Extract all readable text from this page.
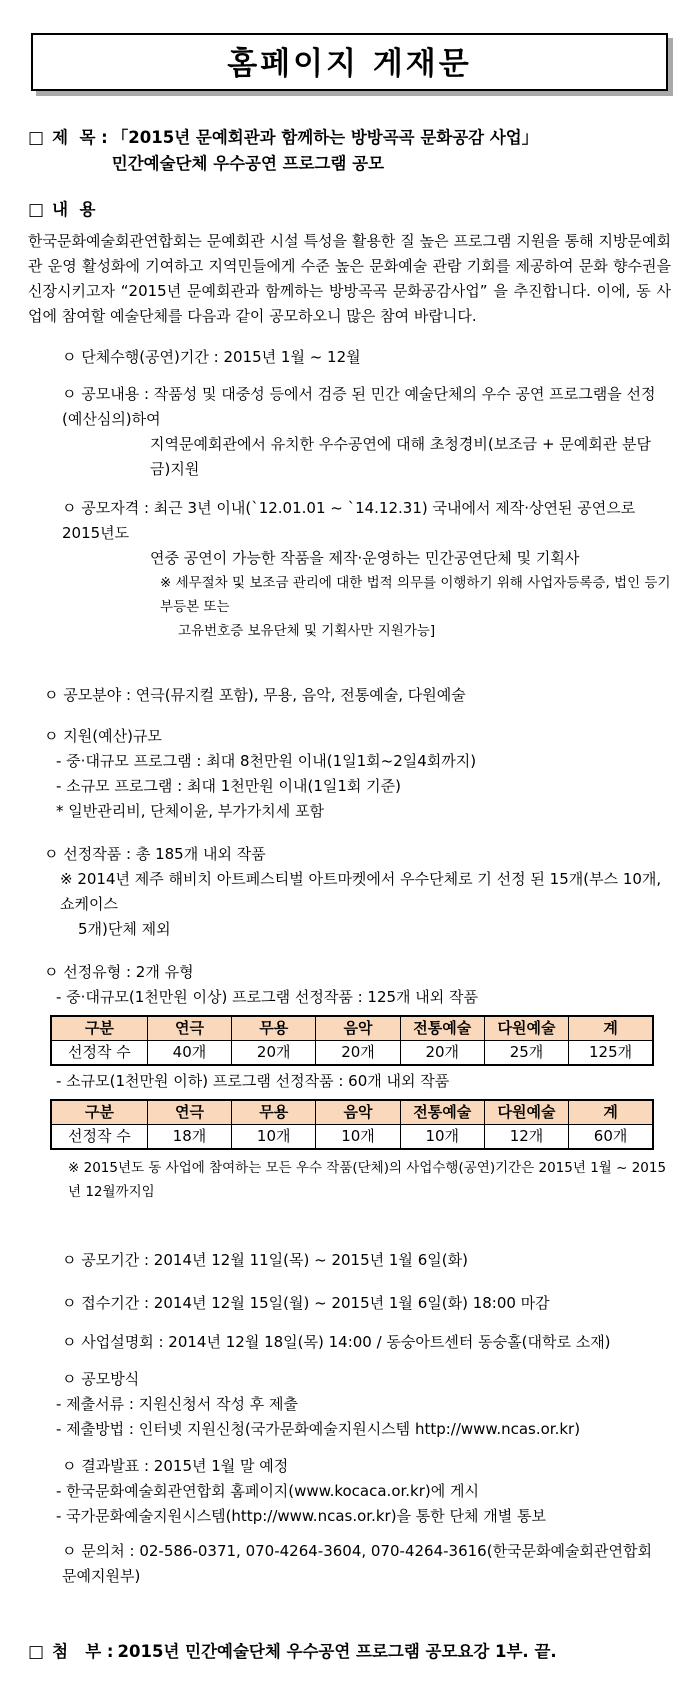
홈페이지 게재문
□ 제  목 : 「2015년 문예회관과 함께하는 방방곡곡 문화공감 사업」
민간예술단체 우수공연 프로그램 공모
□ 내  용
한국문화예술회관연합회는 문예회관 시설 특성을 활용한 질 높은 프로그램 지원을 통해 지방문예회관 운영 활성화에 기여하고 지역민들에게 수준 높은 문화예술 관람 기회를 제공하여 문화 향수권을 신장시키고자 “2015년 문예회관과 함께하는 방방곡곡 문화공감사업” 을 추진합니다. 이에, 동 사업에 참여할 예술단체를 다음과 같이 공모하오니 많은 참여 바랍니다.
ㅇ 단체수행(공연)기간 : 2015년 1월 ~ 12월
ㅇ 공모내용 : 작품성 및 대중성 등에서 검증 된 민간 예술단체의 우수 공연 프로그램을 선정(예산심의)하여
지역문예회관에서 유치한 우수공연에 대해 초청경비(보조금 + 문예회관 분담금)지원
ㅇ 공모자격 : 최근 3년 이내(`12.01.01 ~ `14.12.31) 국내에서 제작·상연된 공연으로 2015년도
연중 공연이 가능한 작품을 제작·운영하는 민간공연단체 및 기획사
※ 세무절차 및 보조금 관리에 대한 법적 의무를 이행하기 위해 사업자등록증, 법인 등기부등본 또는
고유번호증 보유단체 및 기획사만 지원가능]
ㅇ 공모분야 : 연극(뮤지컬 포함), 무용, 음악, 전통예술, 다원예술
ㅇ 지원(예산)규모
- 중·대규모 프로그램 : 최대 8천만원 이내(1일1회~2일4회까지)
- 소규모 프로그램 : 최대 1천만원 이내(1일1회 기준)
* 일반관리비, 단체이윤, 부가가치세 포함
ㅇ 선정작품 : 총 185개 내외 작품
※ 2014년 제주 해비치 아트페스티벌 아트마켓에서 우수단체로 기 선정 된 15개(부스 10개, 쇼케이스
5개)단체 제외
ㅇ 선정유형 : 2개 유형
- 중·대규모(1천만원 이상) 프로그램 선정작품 : 125개 내외 작품
구분	연극	무용	음악	전통예술	다원예술	계
선정작 수	40개	20개	20개	20개	25개	125개
- 소규모(1천만원 이하) 프로그램 선정작품 : 60개 내외 작품
구분	연극	무용	음악	전통예술	다원예술	계
선정작 수	18개	10개	10개	10개	12개	60개
※ 2015년도 동 사업에 참여하는 모든 우수 작품(단체)의 사업수행(공연)기간은 2015년 1월 ~ 2015년 12월까지임
ㅇ 공모기간 : 2014년 12월 11일(목) ~ 2015년 1월 6일(화)
ㅇ 접수기간 : 2014년 12월 15일(월) ~ 2015년 1월 6일(화) 18:00 마감
ㅇ 사업설명회 : 2014년 12월 18일(목) 14:00 / 동숭아트센터 동숭홀(대학로 소재)
ㅇ 공모방식
- 제출서류 : 지원신청서 작성 후 제출
- 제출방법 : 인터넷 지원신청(국가문화예술지원시스템 http://www.ncas.or.kr)
ㅇ 결과발표 : 2015년 1월 말 예정
- 한국문화예술회관연합회 홈페이지(www.kocaca.or.kr)에 게시
- 국가문화예술지원시스템(http://www.ncas.or.kr)을 통한 단체 개별 통보
ㅇ 문의처 : 02-586-0371, 070-4264-3604, 070-4264-3616(한국문화예술회관연합회 문예지원부)
□ 첨   부 : 2015년 민간예술단체 우수공연 프로그램 공모요강 1부. 끝.
